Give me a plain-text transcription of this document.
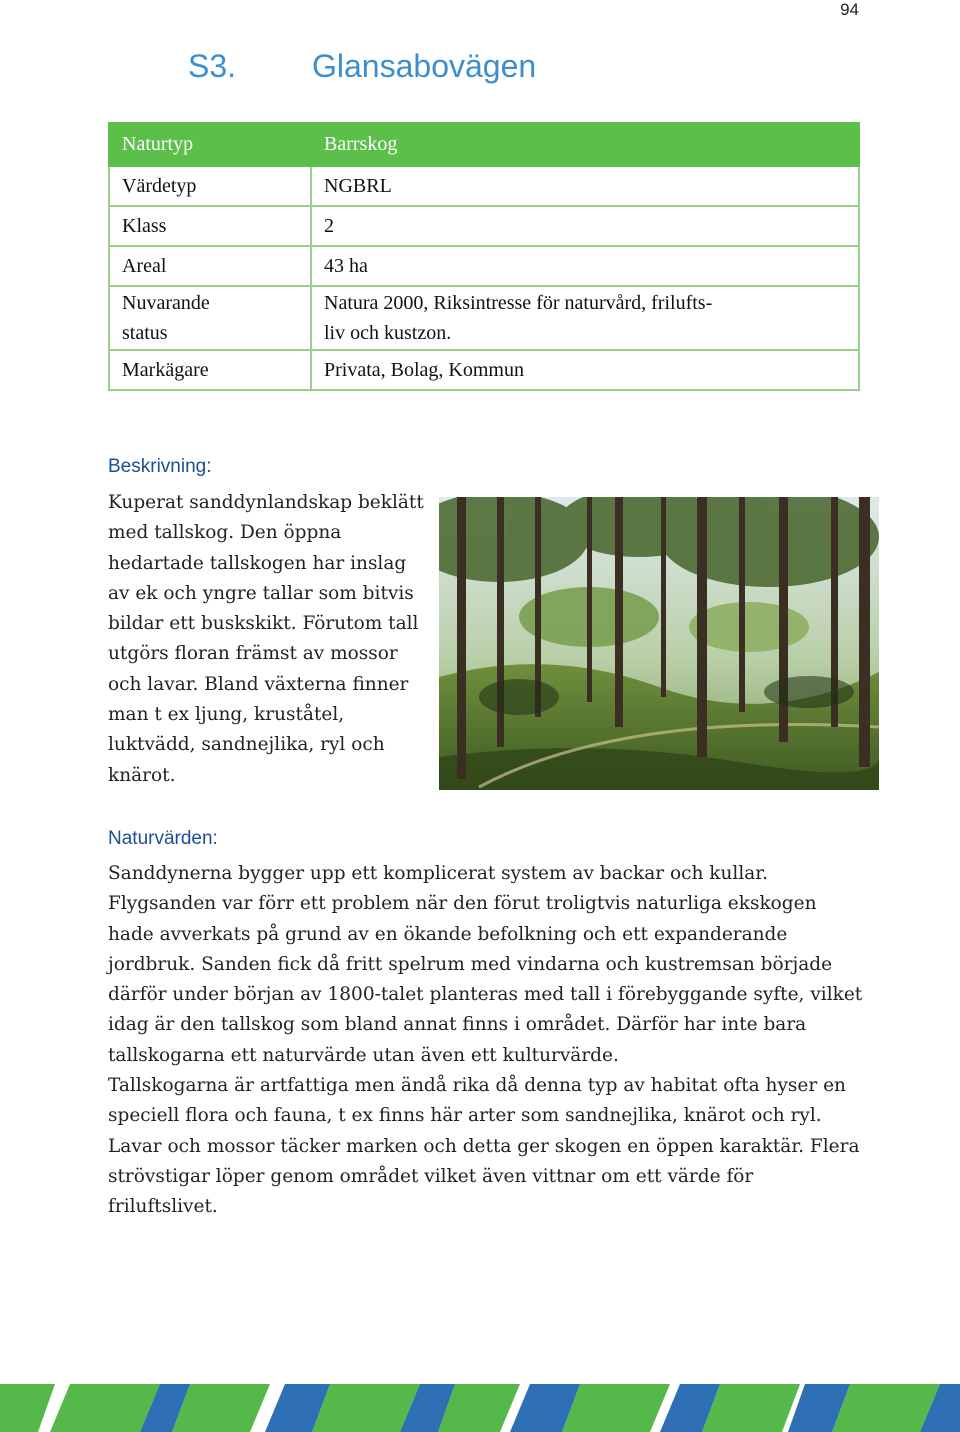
94
S3. Glansabovägen
Naturtyp	Barrskog
Värdetyp	NGBRL
Klass	2
Areal	43 ha

Nuvarande
status	Natura 2000, Riksintresse för naturvård, frilufts-
liv och kustzon.

Markägare	Privata, Bolag, Kommun
Beskrivning:

Kuperat sanddynlandskap beklätt med tallskog. Den öppna hedartade tallskogen har inslag av ek och yngre tallar som bitvis bildar ett buskskikt. Förutom tall utgörs floran främst av mossor och lavar. Bland växterna finner man t ex ljung, kruståtel, luktvädd, sandnejlika, ryl och knärot.

Naturvärden:
Sanddynerna bygger upp ett komplicerat system av backar och kullar. Flygsanden var förr ett problem när den förut troligtvis naturliga ekskogen hade avverkats på grund av en ökande befolkning och ett expanderande jordbruk. Sanden fick då fritt spelrum med vindarna och kustremsan började därför under början av 1800-talet planteras med tall i förebyggande syfte, vilket idag är den tallskog som bland annat finns i området. Därför har inte bara tallskogarna ett naturvärde utan även ett kulturvärde.
Tallskogarna är artfattiga men ändå rika då denna typ av habitat ofta hyser en speciell flora och fauna, t ex finns här arter som sandnejlika, knärot och ryl. Lavar och mossor täcker marken och detta ger skogen en öppen karaktär. Flera strövstigar löper genom området vilket även vittnar om ett värde för friluftslivet.
